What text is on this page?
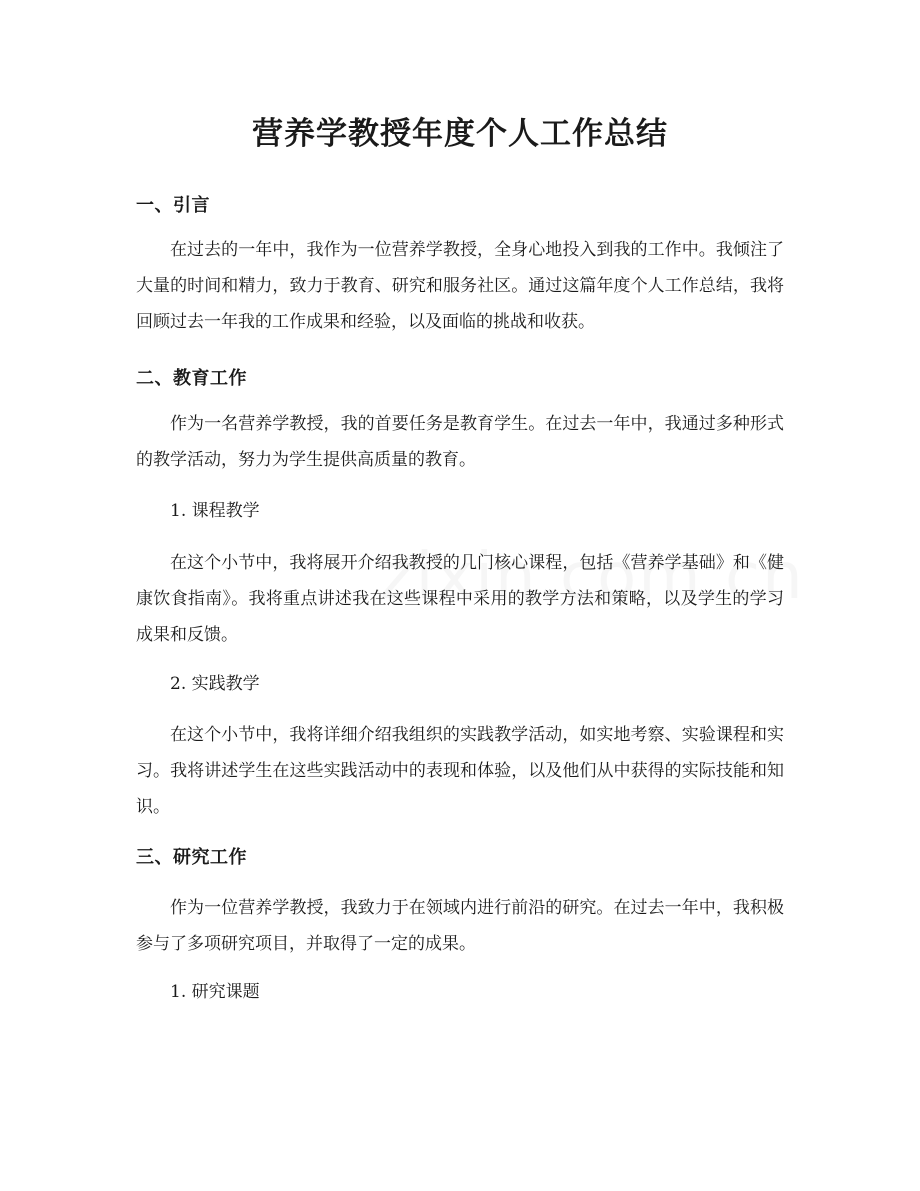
营养学教授年度个人工作总结
一、引言

在过去的一年中，我作为一位营养学教授，全身心地投入到我的工作中。我倾注了大量的时间和精力，致力于教育、研究和服务社区。通过这篇年度个人工作总结，我将回顾过去一年我的工作成果和经验，以及面临的挑战和收获。

二、教育工作

作为一名营养学教授，我的首要任务是教育学生。在过去一年中，我通过多种形式的教学活动，努力为学生提供高质量的教育。

1. 课程教学

在这个小节中，我将展开介绍我教授的几门核心课程，包括《营养学基础》和《健康饮食指南》。我将重点讲述我在这些课程中采用的教学方法和策略，以及学生的学习成果和反馈。

2. 实践教学

在这个小节中，我将详细介绍我组织的实践教学活动，如实地考察、实验课程和实习。我将讲述学生在这些实践活动中的表现和体验，以及他们从中获得的实际技能和知识。

三、研究工作

作为一位营养学教授，我致力于在领域内进行前沿的研究。在过去一年中，我积极参与了多项研究项目，并取得了一定的成果。

1. 研究课题
